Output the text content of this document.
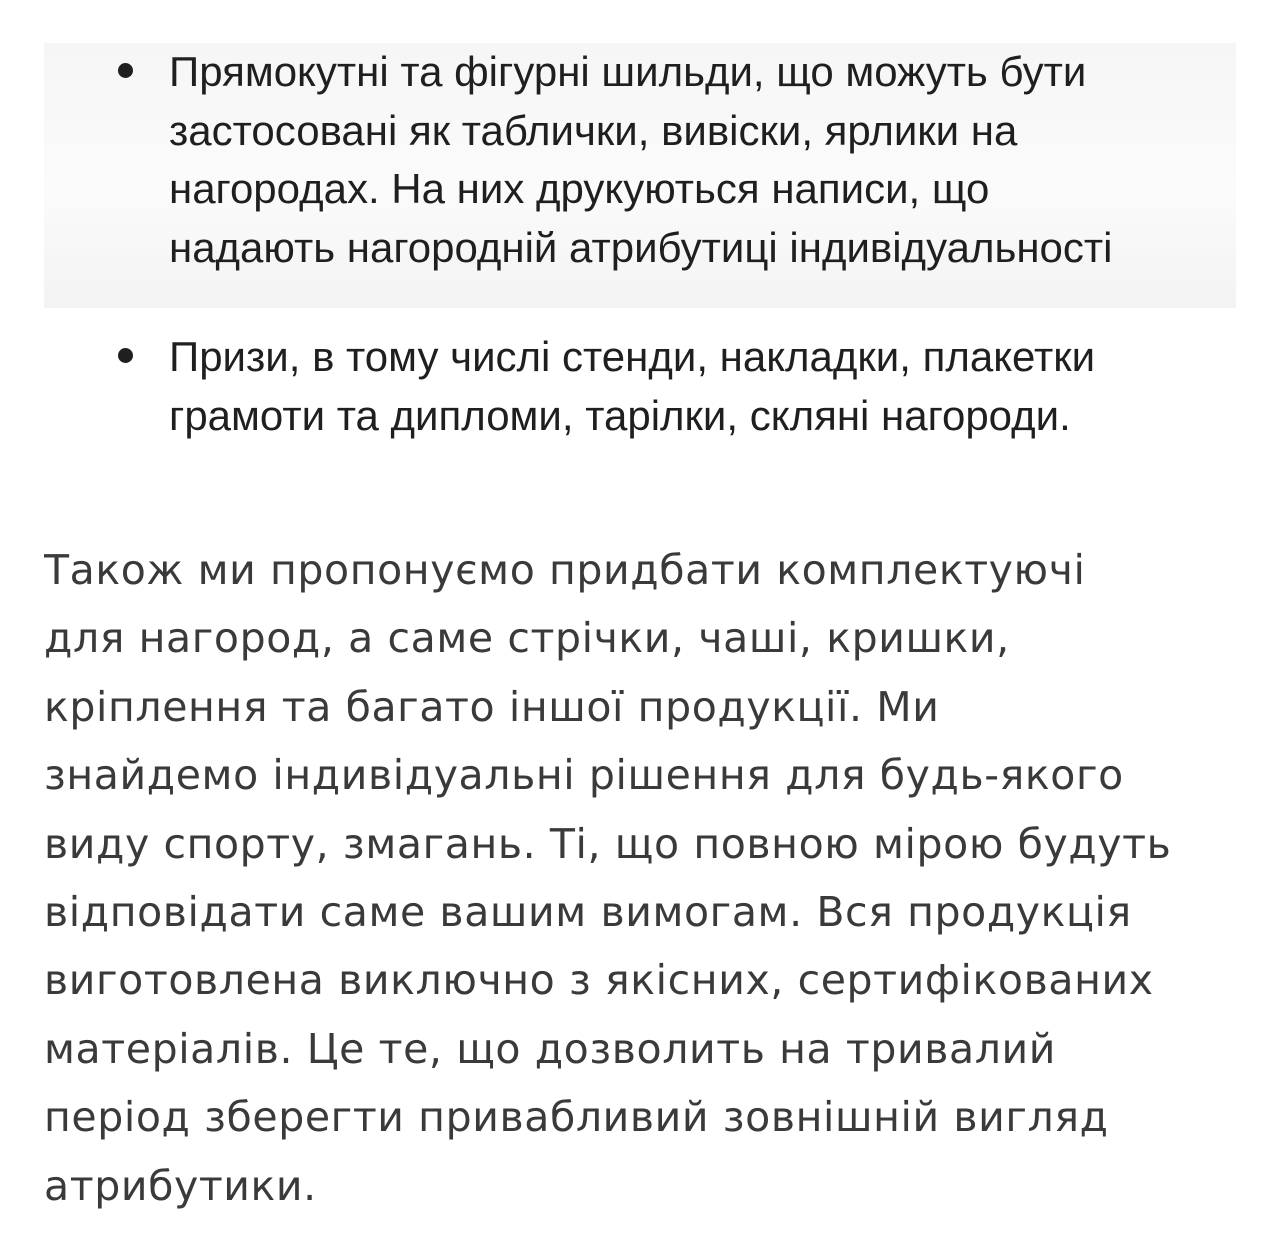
Прямокутні та фігурні шильди, що можуть бути
застосовані як таблички, вивіски, ярлики на
нагородах. На них друкуються написи, що
надають нагородній атрибутиці індивідуальності
Призи, в тому числі стенди, накладки, плакетки
грамоти та дипломи, тарілки, скляні нагороди.

Також ми пропонуємо придбати комплектуючі
для нагород, а саме стрічки, чаші, кришки,
кріплення та багато іншої продукції. Ми
знайдемо індивідуальні рішення для будь-якого
виду спорту, змагань. Ті, що повною мірою будуть
відповідати саме вашим вимогам. Вся продукція
виготовлена виключно з якісних, сертифікованих
матеріалів. Це те, що дозволить на тривалий
період зберегти привабливий зовнішній вигляд
атрибутики.
